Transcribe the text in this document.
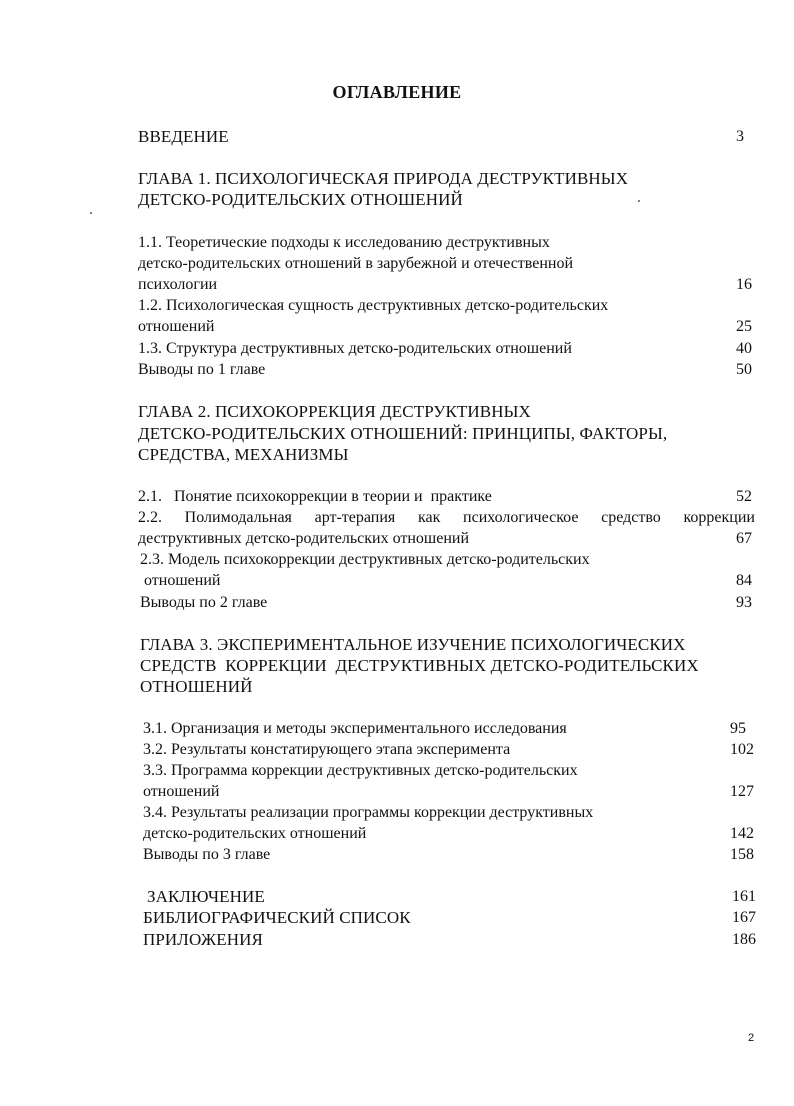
ОГЛАВЛЕНИЕ
ВВЕДЕНИЕ	3
ГЛАВА 1. ПСИХОЛОГИЧЕСКАЯ ПРИРОДА ДЕСТРУКТИВНЫХ
ДЕТСКО-РОДИТЕЛЬСКИХ ОТНОШЕНИЙ
1.1. Теоретические подходы к исследованию деструктивных
детско-родительских отношений в зарубежной и отечественной
психологии	16
1.2. Психологическая сущность деструктивных детско-родительских
отношений	25
1.3. Структура деструктивных детско-родительских отношений	40
Выводы по 1 главе	50
ГЛАВА 2. ПСИХОКОРРЕКЦИЯ ДЕСТРУКТИВНЫХ
ДЕТСКО-РОДИТЕЛЬСКИХ ОТНОШЕНИЙ: ПРИНЦИПЫ, ФАКТОРЫ,
СРЕДСТВА, МЕХАНИЗМЫ
2.1.   Понятие психокоррекции в теории и  практике	52
2.2. Полимодальная арт-терапия как психологическое средство коррекции
деструктивных детско-родительских отношений	67
2.3. Модель психокоррекции деструктивных детско-родительских
отношений	84
Выводы по 2 главе	93
ГЛАВА 3. ЭКСПЕРИМЕНТАЛЬНОЕ ИЗУЧЕНИЕ ПСИХОЛОГИЧЕСКИХ
СРЕДСТВ  КОРРЕКЦИИ  ДЕСТРУКТИВНЫХ ДЕТСКО-РОДИТЕЛЬСКИХ
ОТНОШЕНИЙ
3.1. Организация и методы экспериментального исследования	95
3.2. Результаты констатирующего этапа эксперимента	102
3.3. Программа коррекции деструктивных детско-родительских
отношений	127
3.4. Результаты реализации программы коррекции деструктивных
детско-родительских отношений	142
Выводы по 3 главе	158
ЗАКЛЮЧЕНИЕ	161
БИБЛИОГРАФИЧЕСКИЙ СПИСОК	167
ПРИЛОЖЕНИЯ	186
2
